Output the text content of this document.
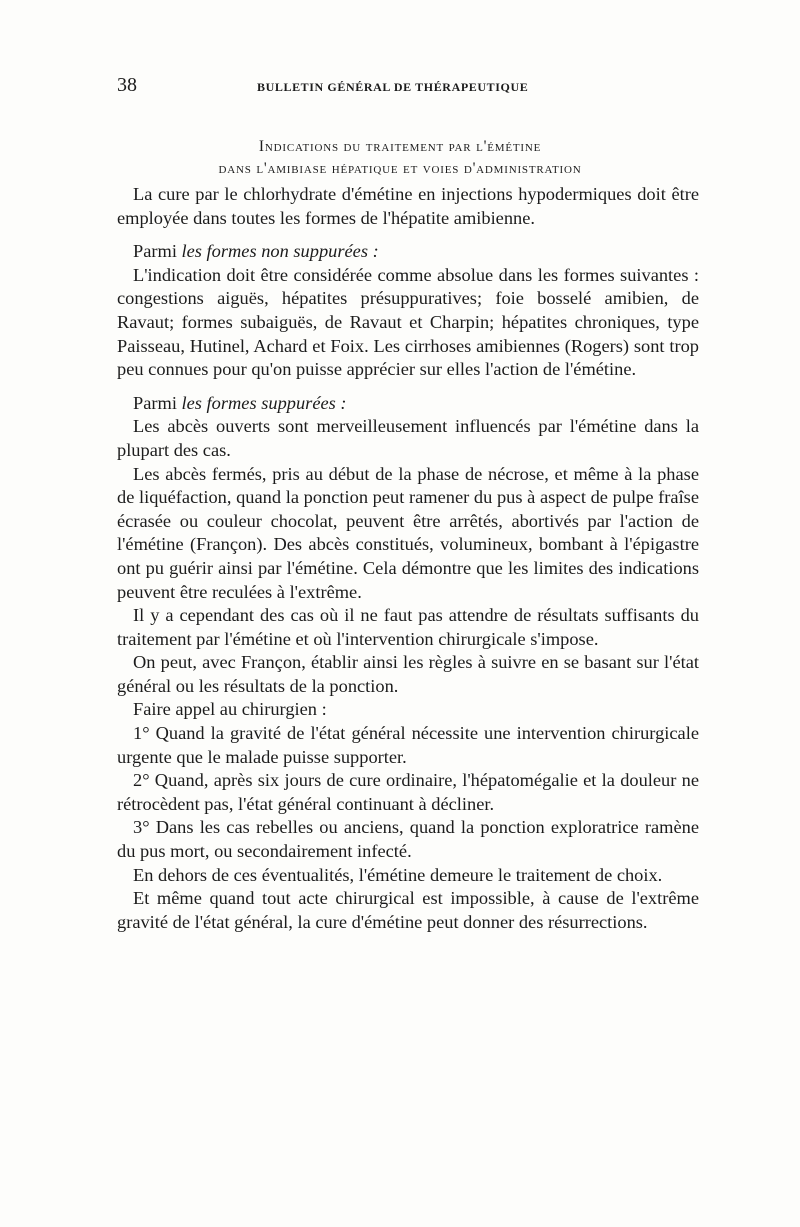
38	BULLETIN GÉNÉRAL DE THÉRAPEUTIQUE
Indications du traitement par l'émétine
dans l'amibiase hépatique et voies d'administration

La cure par le chlorhydrate d'émétine en injections hypodermiques doit être employée dans toutes les formes de l'hépatite amibienne.

Parmi les formes non suppurées :

L'indication doit être considérée comme absolue dans les formes suivantes : congestions aiguës, hépatites présuppuratives; foie bosselé amibien, de Ravaut; formes subaiguës, de Ravaut et Charpin; hépatites chroniques, type Paisseau, Hutinel, Achard et Foix. Les cirrhoses amibiennes (Rogers) sont trop peu connues pour qu'on puisse apprécier sur elles l'action de l'émétine.

Parmi les formes suppurées :

Les abcès ouverts sont merveilleusement influencés par l'émétine dans la plupart des cas.

Les abcès fermés, pris au début de la phase de nécrose, et même à la phase de liquéfaction, quand la ponction peut ramener du pus à aspect de pulpe fraîse écrasée ou couleur chocolat, peuvent être arrêtés, abortivés par l'action de l'émétine (Françon). Des abcès constitués, volumineux, bombant à l'épigastre ont pu guérir ainsi par l'émétine. Cela démontre que les limites des indications peuvent être reculées à l'extrême.

Il y a cependant des cas où il ne faut pas attendre de résultats suffisants du traitement par l'émétine et où l'intervention chirurgicale s'impose.

On peut, avec Françon, établir ainsi les règles à suivre en se basant sur l'état général ou les résultats de la ponction.

Faire appel au chirurgien :

1° Quand la gravité de l'état général nécessite une intervention chirurgicale urgente que le malade puisse supporter.

2° Quand, après six jours de cure ordinaire, l'hépatomégalie et la douleur ne rétrocèdent pas, l'état général continuant à décliner.

3° Dans les cas rebelles ou anciens, quand la ponction exploratrice ramène du pus mort, ou secondairement infecté.

En dehors de ces éventualités, l'émétine demeure le traitement de choix.

Et même quand tout acte chirurgical est impossible, à cause de l'extrême gravité de l'état général, la cure d'émétine peut donner des résurrections.
